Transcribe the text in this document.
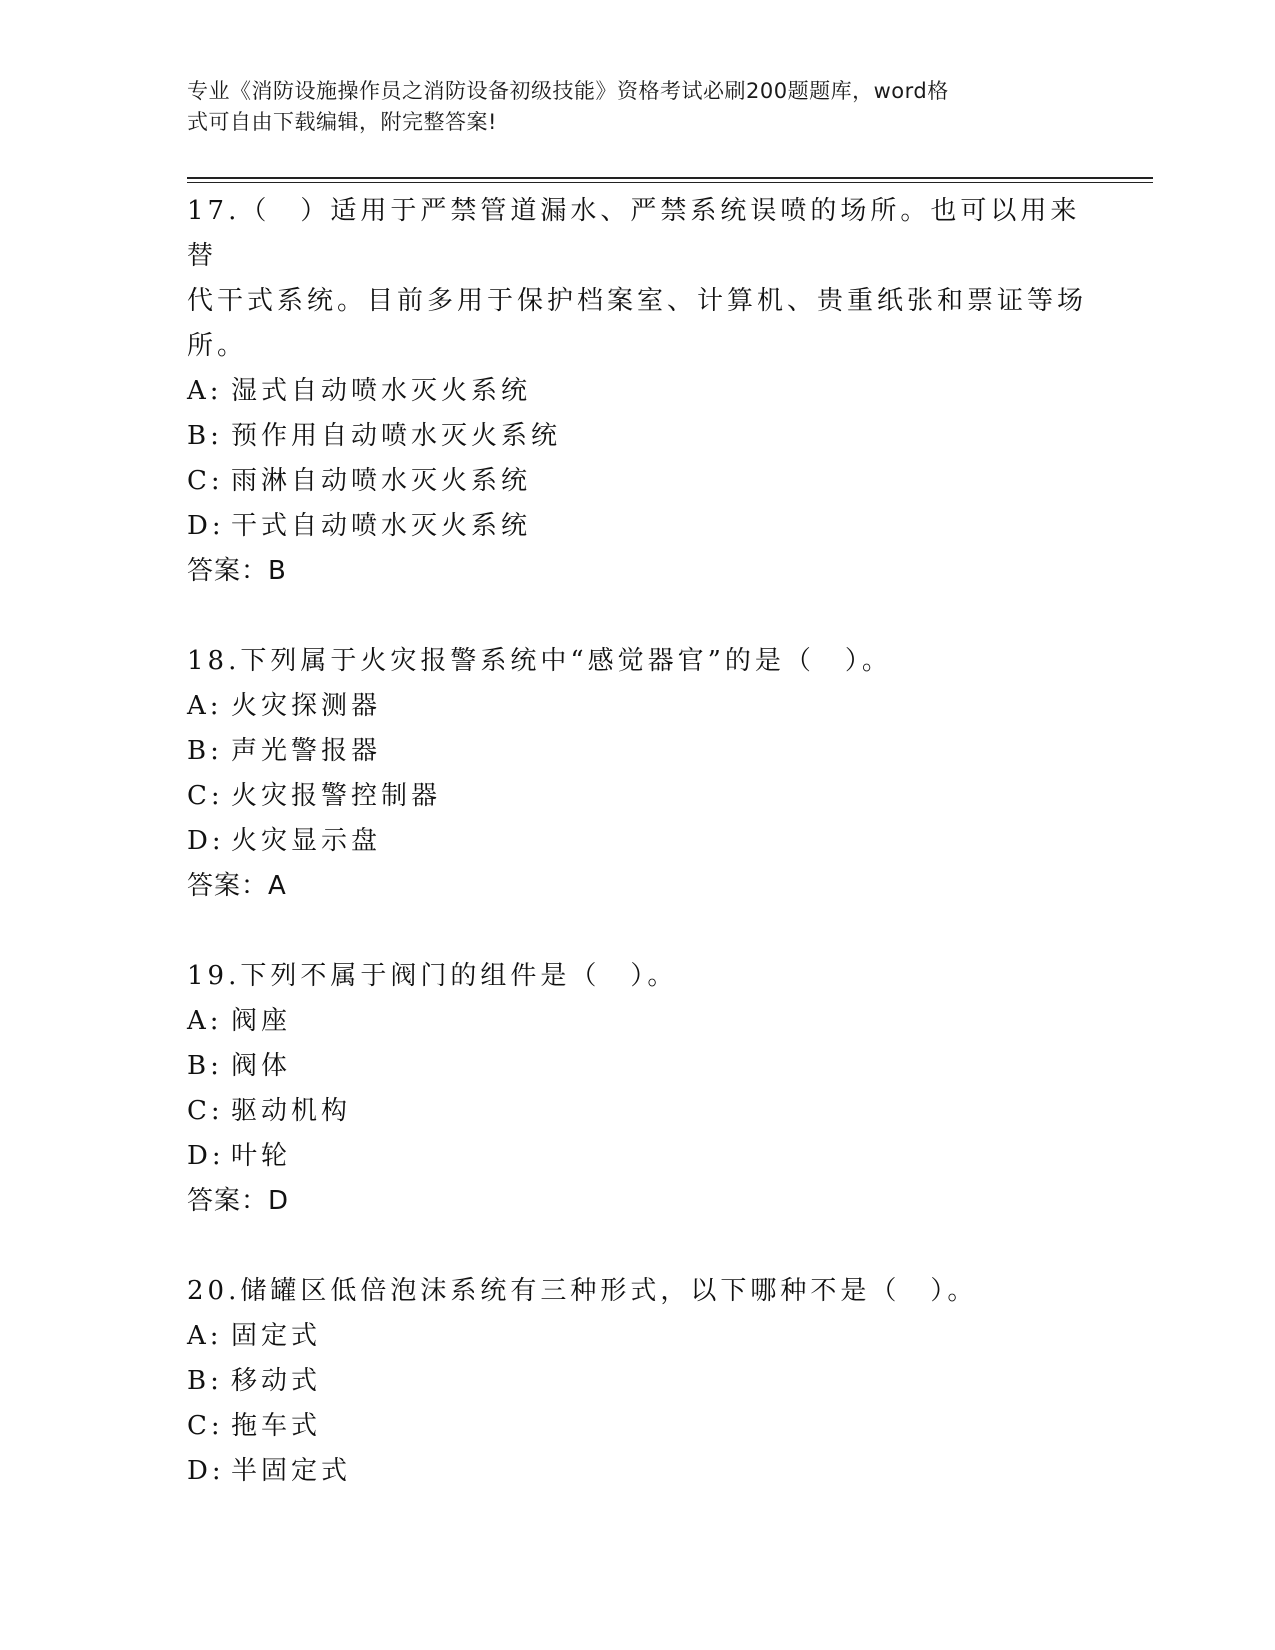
专业《消防设施操作员之消防设备初级技能》资格考试必刷200题题库，word格
式可自由下载编辑，附完整答案!

17.（　）适用于严禁管道漏水、严禁系统误喷的场所。也可以用来替

代干式系统。目前多用于保护档案室、计算机、贵重纸张和票证等场

所。

A: 湿式自动喷水灭火系统
B: 预作用自动喷水灭火系统
C: 雨淋自动喷水灭火系统
D: 干式自动喷水灭火系统

答案：B

18.下列属于火灾报警系统中“感觉器官”的是（　）。

A: 火灾探测器
B: 声光警报器
C: 火灾报警控制器
D: 火灾显示盘

答案：A

19.下列不属于阀门的组件是（　）。

A: 阀座
B: 阀体
C: 驱动机构
D: 叶轮

答案：D

20.储罐区低倍泡沫系统有三种形式，以下哪种不是（　）。

A: 固定式
B: 移动式
C: 拖车式
D: 半固定式
